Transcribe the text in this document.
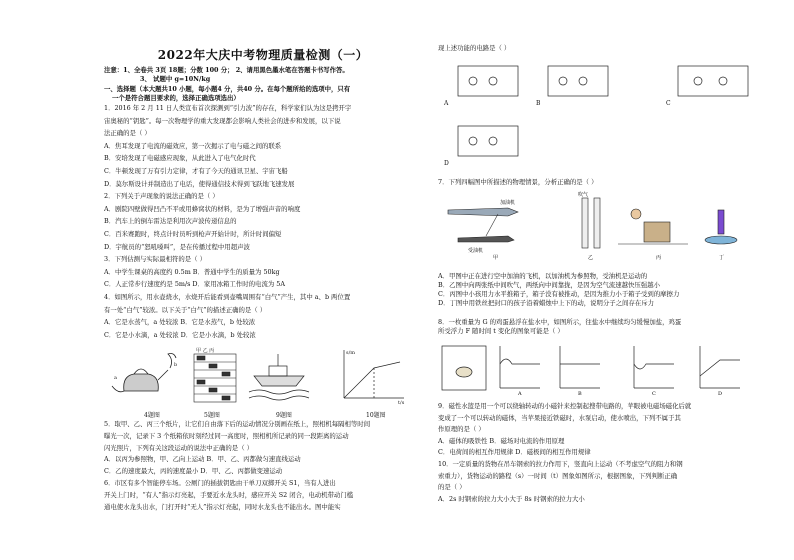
2022年大庆中考物理质量检测（一）
注意：1、全卷共 3页 18题；分数 100 分； 2、请用黑色墨水笔在答题卡书写作答。
3、 试题中 g=10N/kg
一、选择题（本大题共10 小题，每小题4 分，共40 分。在每个题所给的选项中，只有
一个是符合题目要求的，选择正确选项选出）
1．2016 年 2 月 11 日人类宣布首次探测到“引力波”的存在，科学家们认为这是拷开宇
宙奥秘的“钥匙”。每一次物理学的重大发现都会影响人类社会的进步和发展，以下说
法正确的是（ ）
A．焦耳发现了电流的磁效应，第一次揭示了电与磁之间的联系
B．安培发现了电磁感应现象，从此进入了电气化时代
C．牛顿发现了万有引力定律，才有了今天的通讯卫星、宇宙飞船
D．莫尔斯设计并制造出了电话，使得通信技术得到飞跃地飞速发展
2．下列关于声现象的说法正确的是（ ）
A．剧院四壁做得凹凸不平或用蜂窝状的材料，是为了增强声音的响度
B．汽车上的倒车雷达是利用次声波传递信息的
C．百米赛跑时，终点计时员听到枪声开始计时，所计时间偏短
D．宇航员的“怒吼嗓叫”，是在传播过程中用超声波
3．下列估测与实际最相符的是（ ）
A．中学生课桌的高度约 0.5m B．普通中学生的质量为 50kg
C．人正常步行速度约是 5m/s D．家用冰箱工作时的电流为 5A
4．如图所示，用水壶烧水，水烧开后能看到壶嘴周围有“白气”产生，其中 a、b 两位置
有一处“白气”较浓。以下关于“白气”的描述正确的是（ ）
A．它是水蒸气，a 处较浓 B．它是水蒸气，b 处较浓
C．它是小水滴，a 处较浓 D．它是小水滴，b 处较浓
a
b
甲 乙 丙	s/m
t/s
4题图	5题图	9题图	10题图
5．取甲、乙、丙三个纸片，让它们自由落下后的运动情况分别画在纸上，照相机每隔相等时间
曝光一次，记录下 3 个纸箱依时刻经过同一高度时，照相机所记录的同一段距离的运动
闪光照片，下列有关这段运动的说法中正确的是（ ）
A．以丙为参照物，甲、乙向上运动 B．甲、乙、丙都做匀速直线运动
C．乙的速度最大，丙的速度最小 D．甲、乙、丙都做变速运动
6．市区有多个智能停车场。公厕门的插拔钥匙由干单刀双掷开关 S1，当有人进出
开关上门时，“有人”指示灯亮起，手要近水龙头时，感应开关 S2 闭合，电动机带动门槛
通电使水龙头出水，门打开时“无人”指示灯亮起，同时水龙头也不能出水。图中能实
现上述功能的电路是（ ）
A	B	C
D
7．下列四幅图中所描述的物理情景，分析正确的是（ ）
加油机
受油机
吹气
甲	乙	丙	丁
A．甲图中正在进行空中加油的飞机，以加油机为参照物，受油机是运动的
B．乙图中向两张纸中间吹气，两纸向中间靠拢，是因为空气流速越快压强越小
C．丙图中小孩用力水平推箱子，箱子没有被推动，是因为推力小于箱子受到的摩擦力
D．丁图中用铁丝把封口的孩子沿着蜡烛中上下的动，说明分子之间存在斥力
8．一枚重量为 G 的鸡蛋悬浮在盐水中，如图所示，往盐水中继续均匀缓慢加盐，鸡蛋
所受浮力 F 随时间 t 变化的图象可能是（ ）
A	B	C	D
9．磁性水篮是用一个可以绕轴转动的小磁针来控制起搜带电路的，苹眼被电磁场磁化后就
变成了一个可以转动的磁体，当苹果接近铁磁时，水泵启动，使水喷出，下列不属于其
作原理的是（ ）
A．磁体的吸铁性 B．磁场对电流的作用原理
C．电荷间的相互作用规律 D．磁极间的相互作用规律
10．一定质量的货物在吊车钢索的拉力作用下，竖直向上运动（不考虑空气的阻力和钢
索重力），货物运动的路程（s）一时间（t）图象如图所示，根据图象，下列判断正确
的是（ ）
A．2s 时钢索的拉力大小大于 8s 时钢索的拉力大小
